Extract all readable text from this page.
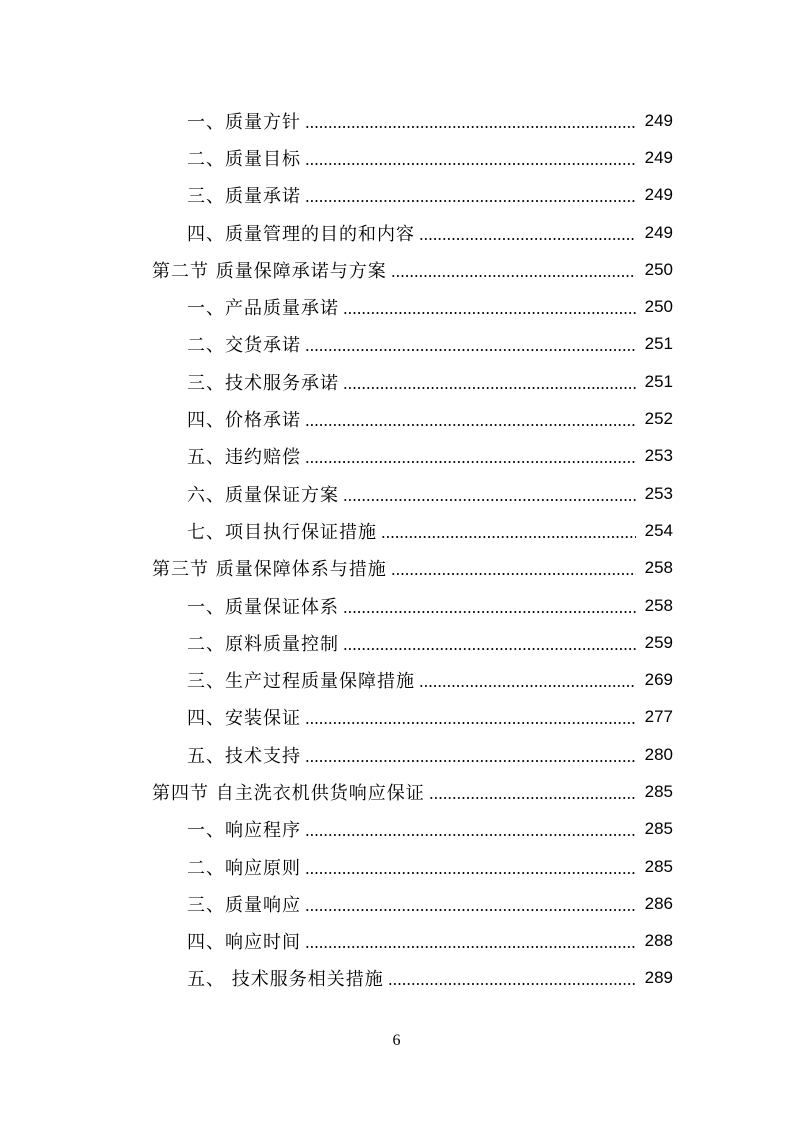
一、质量方针	249
二、质量目标	249
三、质量承诺	249
四、质量管理的目的和内容	249
第二节 质量保障承诺与方案	250
一、产品质量承诺	250
二、交货承诺	251
三、技术服务承诺	251
四、价格承诺	252
五、违约赔偿	253
六、质量保证方案	253
七、项目执行保证措施	254
第三节 质量保障体系与措施	258
一、质量保证体系	258
二、原料质量控制	259
三、生产过程质量保障措施	269
四、安装保证	277
五、技术支持	280
第四节 自主洗衣机供货响应保证	285
一、响应程序	285
二、响应原则	285
三、质量响应	286
四、响应时间	288
五、 技术服务相关措施	289
6
